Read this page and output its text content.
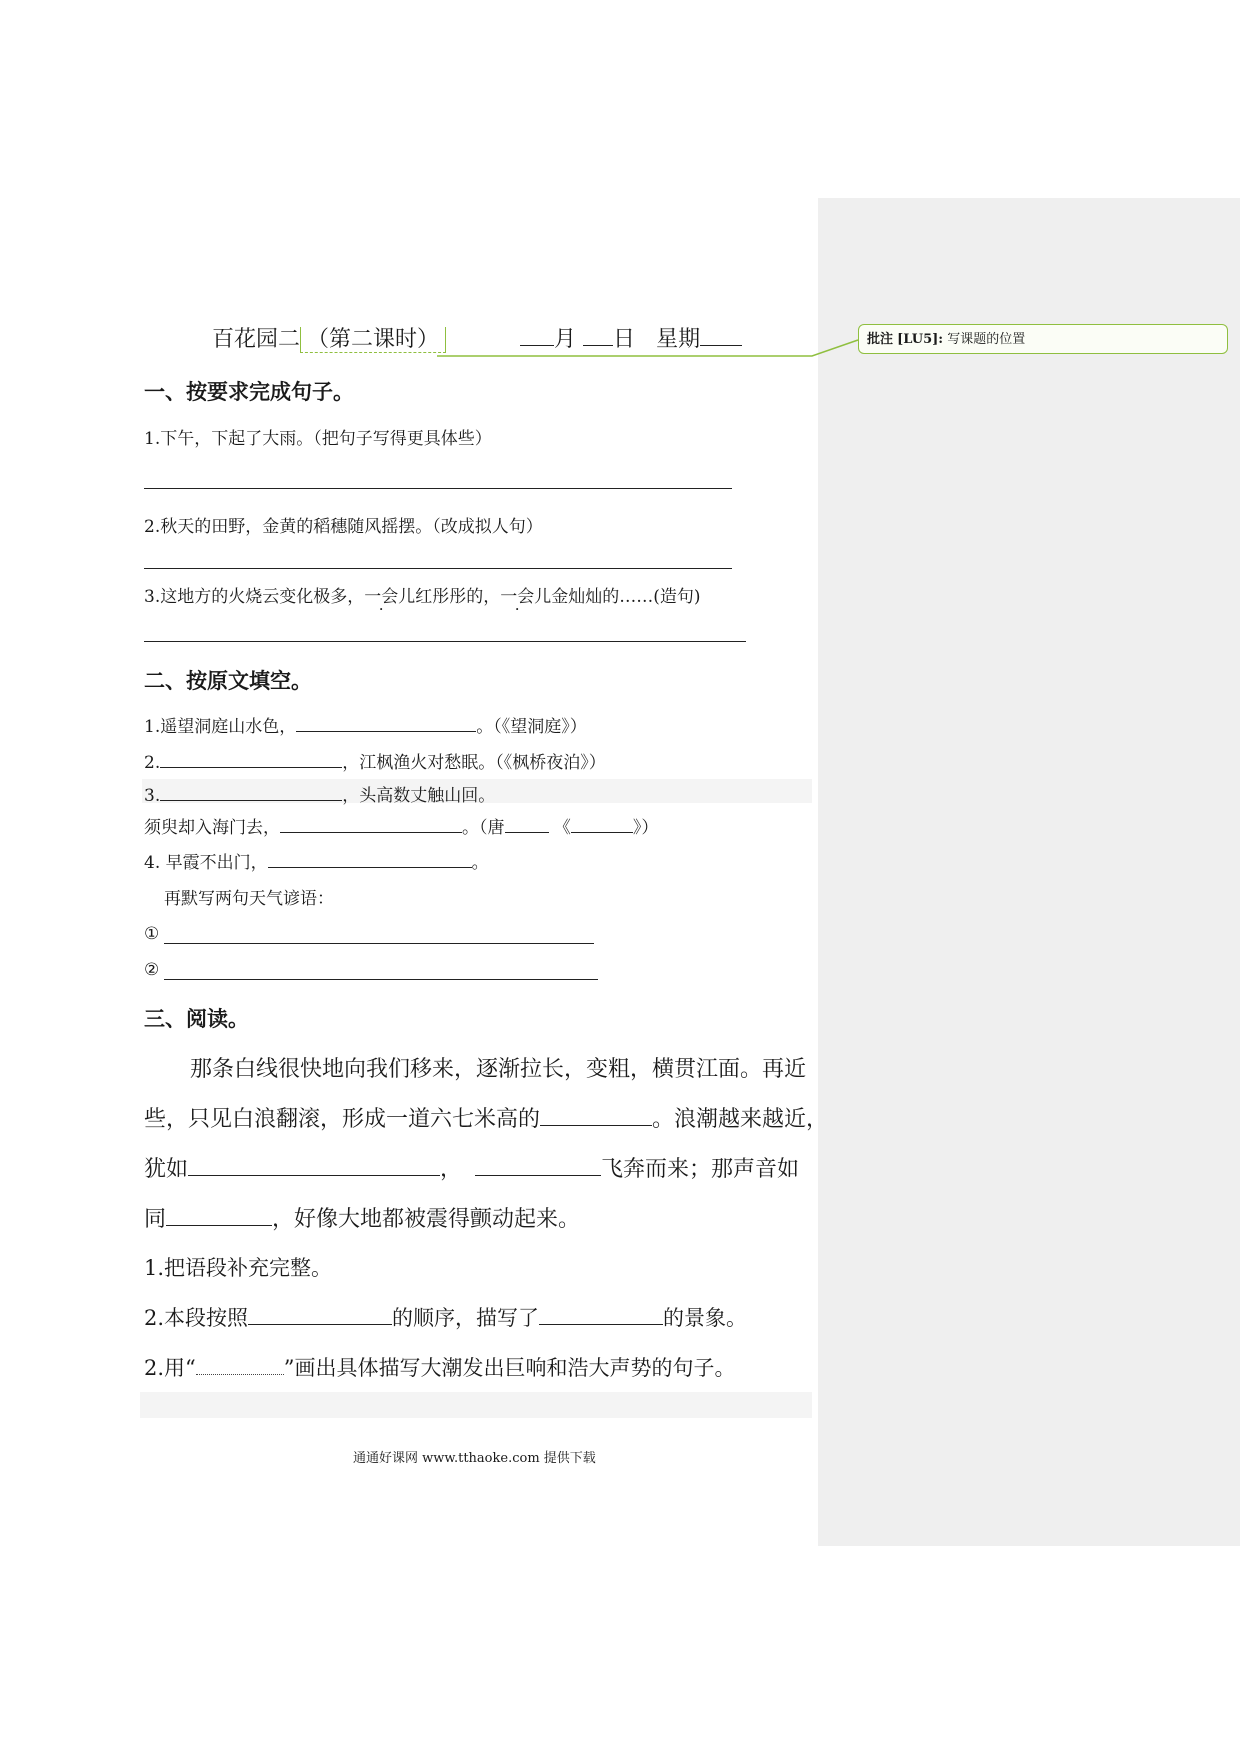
批注 [LU5]: 写课题的位置
百花园二 （第二课时）	月 日 星期
一、按要求完成句子。
1.下午，下起了大雨。（把句子写得更具体些）
2.秋天的田野，金黄的稻穗随风摇摆。（改成拟人句）
3.这地方的火烧云变化极多，一会儿红彤彤的，一会儿金灿灿的……(造句)
二、按原文填空。
1.遥望洞庭山水色，	。（《望洞庭》）
2.	，江枫渔火对愁眠。（《枫桥夜泊》）
3.	，头高数丈触山回。
须臾却入海门去，	。（唐	《	》）
4. 早霞不出门，	。
再默写两句天气谚语：
①
②
三、阅读。
那条白线很快地向我们移来，逐渐拉长，变粗，横贯江面。再近
些，只见白浪翻滚，形成一道六七米高的	。浪潮越来越近，
犹如	，	飞奔而来；那声音如
同	，好像大地都被震得颤动起来。
1.把语段补充完整。
2.本段按照	的顺序，描写了	的景象。
2.用“	”画出具体描写大潮发出巨响和浩大声势的句子。
通通好课网 www.tthaoke.com 提供下载
